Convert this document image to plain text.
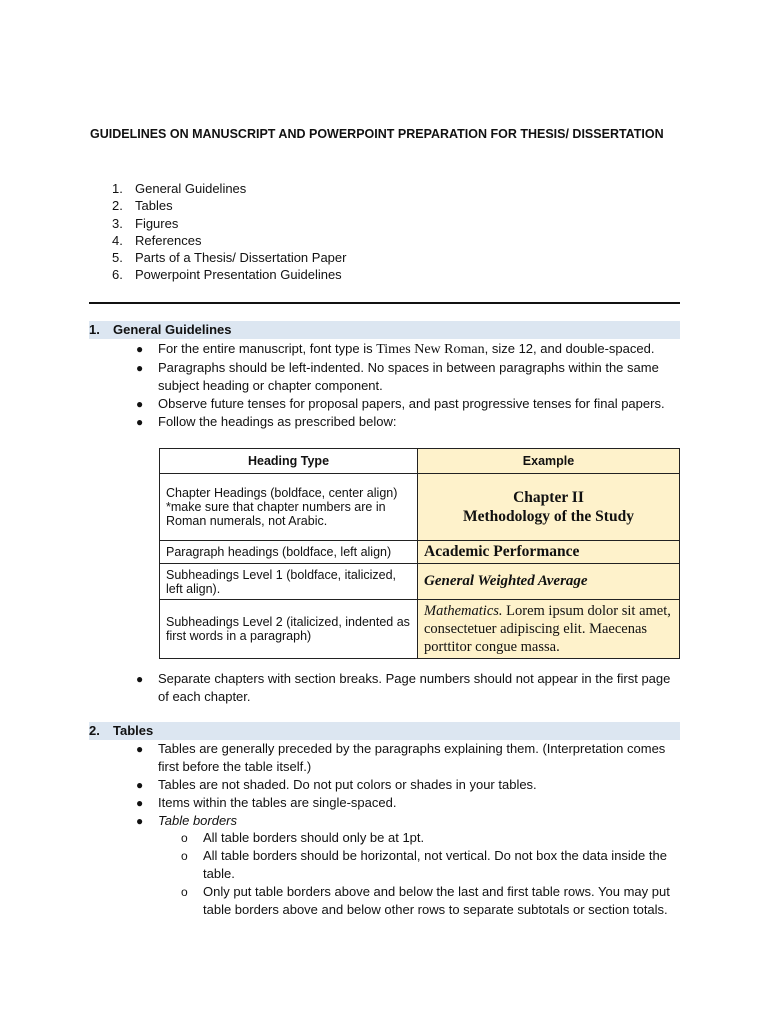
GUIDELINES ON MANUSCRIPT AND POWERPOINT PREPARATION FOR THESIS/ DISSERTATION
1. General Guidelines
2. Tables
3. Figures
4. References
5. Parts of a Thesis/ Dissertation Paper
6. Powerpoint Presentation Guidelines
1. General Guidelines
● For the entire manuscript, font type is Times New Roman, size 12, and double-spaced.
● Paragraphs should be left-indented. No spaces in between paragraphs within the same subject heading or chapter component.
● Observe future tenses for proposal papers, and past progressive tenses for final papers.
● Follow the headings as prescribed below:
Heading Type	Example
Chapter Headings (boldface, center align) *make sure that chapter numbers are in Roman numerals, not Arabic.	Chapter II
Methodology of the Study

Paragraph headings (boldface, left align)	Academic Performance
Subheadings Level 1 (boldface, italicized, left align).	General Weighted Average
Subheadings Level 2 (italicized, indented as first words in a paragraph)	Mathematics. Lorem ipsum dolor sit amet, consectetuer adipiscing elit. Maecenas porttitor congue massa.
● Separate chapters with section breaks. Page numbers should not appear in the first page of each chapter.
2. Tables
● Tables are generally preceded by the paragraphs explaining them. (Interpretation comes first before the table itself.)
● Tables are not shaded. Do not put colors or shades in your tables.
● Items within the tables are single-spaced.
● Table borders
o All table borders should only be at 1pt.
o All table borders should be horizontal, not vertical. Do not box the data inside the table.
o Only put table borders above and below the last and first table rows. You may put table borders above and below other rows to separate subtotals or section totals.
